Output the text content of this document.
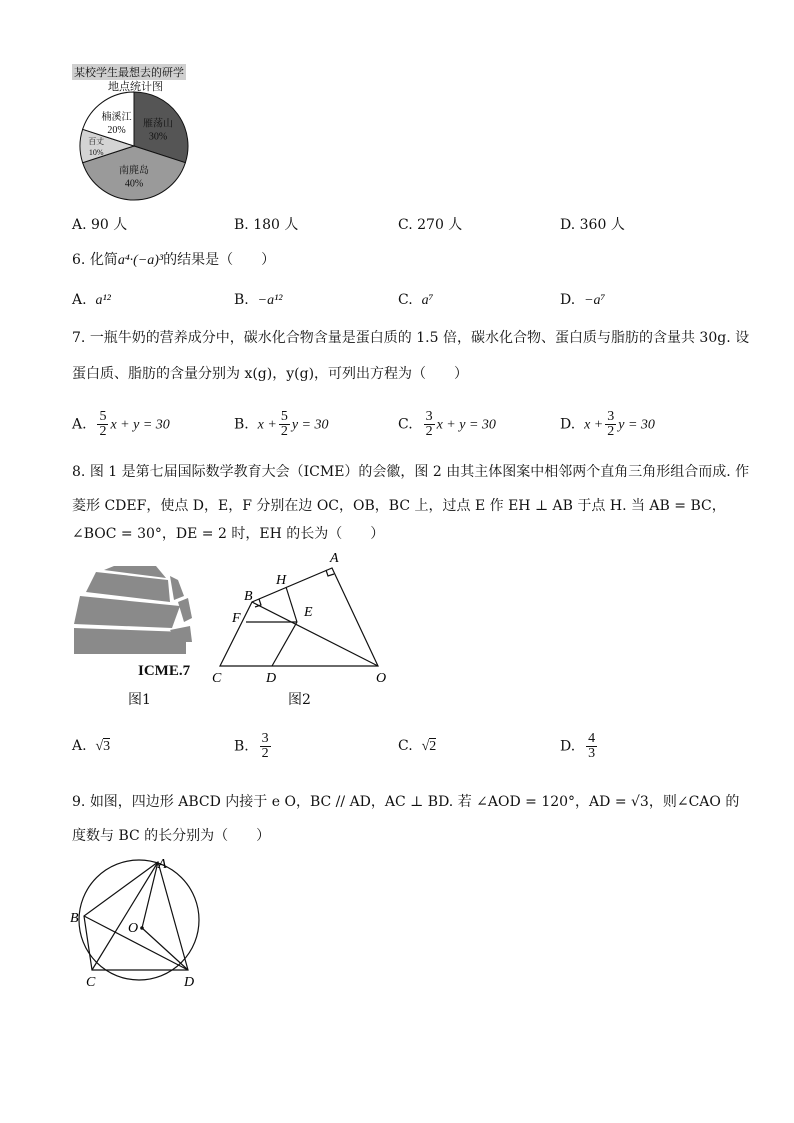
某校学生最想去的研学
地点统计图
雁荡山
30%
南麂岛
40%
百丈
10%
楠溪江
20%
A. 90 人	B. 180 人	C. 270 人	D. 360 人
6. 化简a⁴·(−a)³的结果是（　　）
A. a¹²	B. −a¹²	C. a⁷	D. −a⁷
7. 一瓶牛奶的营养成分中，碳水化合物含量是蛋白质的 1.5 倍，碳水化合物、蛋白质与脂肪的含量共 30g. 设
蛋白质、脂肪的含量分别为 x(g)，y(g)，可列出方程为（　　）
A. $\frac{5}{2}$ x + y = 30	B. $x + \frac{5}{2}$ y = 30	C. $\frac{3}{2}$ x + y = 30	D. $x + \frac{3}{2}$ y = 30
8. 图 1 是第七届国际数学教育大会（ICME）的会徽，图 2 由其主体图案中相邻两个直角三角形组合而成. 作
菱形 CDEF，使点 D，E，F 分别在边 OC，OB，BC 上，过点 E 作 EH ⊥ AB 于点 H. 当 AB = BC，
∠BOC = 30°，DE = 2 时，EH 的长为（　　）
ICME.7
图1
A
B
C	D
E
F
H
O
图2
A. √3	B. $\frac{3}{2}$	C. √2	D. $\frac{4}{3}$
9. 如图，四边形 ABCD 内接于 e O，BC // AD，AC ⊥ BD. 若 ∠AOD = 120°，AD = √3，则∠CAO 的
度数与 BC 的长分别为（　　）
A
B
C	D
O
